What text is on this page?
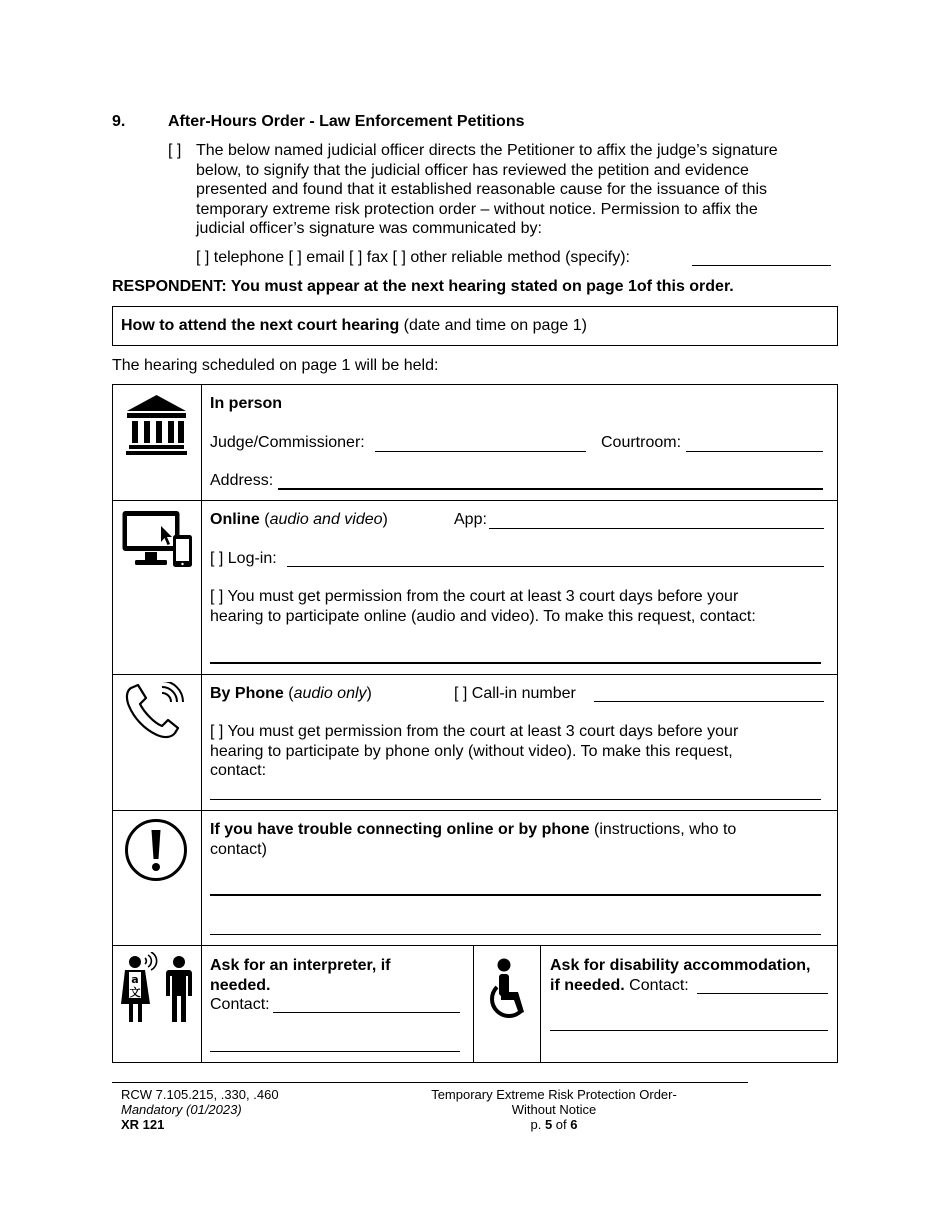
9.	After-Hours Order - Law Enforcement Petitions
[ ] The below named judicial officer directs the Petitioner to affix the judge’s signature
below, to signify that the judicial officer has reviewed the petition and evidence
presented and found that it established reasonable cause for the issuance of this
temporary extreme risk protection order – without notice. Permission to affix the
judicial officer’s signature was communicated by:
[ ] telephone [ ] email [ ] fax [ ] other reliable method (specify):
RESPONDENT: You must appear at the next hearing stated on page 1of this order.
How to attend the next court hearing (date and time on page 1)
The hearing scheduled on page 1 will be held:
In person
Judge/Commissioner:	Courtroom:
Address:
Online (audio and video)	App:
[ ] Log-in:
[ ] You must get permission from the court at least 3 court days before your
hearing to participate online (audio and video). To make this request, contact:
By Phone (audio only)	[ ] Call-in number
[ ] You must get permission from the court at least 3 court days before your
hearing to participate by phone only (without video). To make this request,
contact:
If you have trouble connecting online or by phone (instructions, who to
contact)
a
文
Ask for an interpreter, if
needed.
Contact:
Ask for disability accommodation,
if needed. Contact:
RCW 7.105.215, .330, .460
Mandatory (01/2023)
XR 121
Temporary Extreme Risk Protection Order-
Without Notice
p. 5 of 6
